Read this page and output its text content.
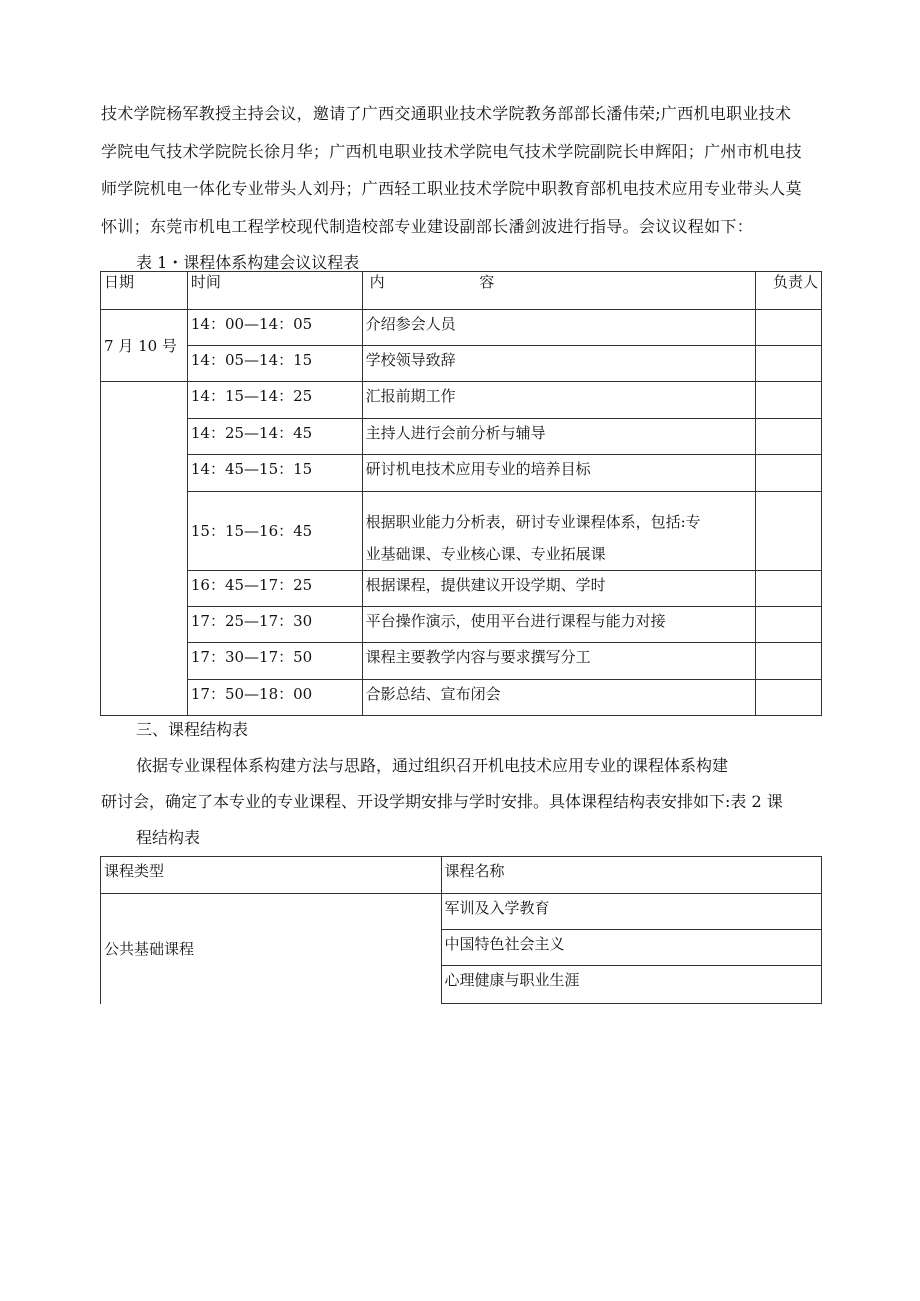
技术学院杨军教授主持会议，邀请了广西交通职业技术学院教务部部长潘伟荣;广西机电职业技术
学院电气技术学院院长徐月华；广西机电职业技术学院电气技术学院副院长申辉阳；广州市机电技
师学院机电一体化专业带头人刘丹；广西轻工职业技术学院中职教育部机电技术应用专业带头人莫
怀训；东莞市机电工程学校现代制造校部专业建设副部长潘剑波进行指导。会议议程如下：
表 1・课程体系构建会议议程表
日期	时间	内 容	负责人
7 月 10 号	14：00—14：05	介绍参会人员	
	14：05—14：15	学校领导致辞	
	14：15—14：25	汇报前期工作	
	14：25—14：45	主持人进行会前分析与辅导	
	14：45—15：15	研讨机电技术应用专业的培养目标	
	15：15—16：45	根据职业能力分析表，研讨专业课程体系，包括:专
业基础课、专业核心课、专业拓展课	

	16：45—17：25	根据课程，提供建议开设学期、学时	
	17：25—17：30	平台操作演示，使用平台进行课程与能力对接	
	17：30—17：50	课程主要教学内容与要求撰写分工	
	17：50—18：00	合影总结、宣布闭会	
三、课程结构表
依据专业课程体系构建方法与思路，通过组织召开机电技术应用专业的课程体系构建
研讨会，确定了本专业的专业课程、开设学期安排与学时安排。具体课程结构表安排如下:表 2 课
程结构表
课程类型	课程名称
公共基础课程	军训及入学教育
	中国特色社会主义
	心理健康与职业生涯
